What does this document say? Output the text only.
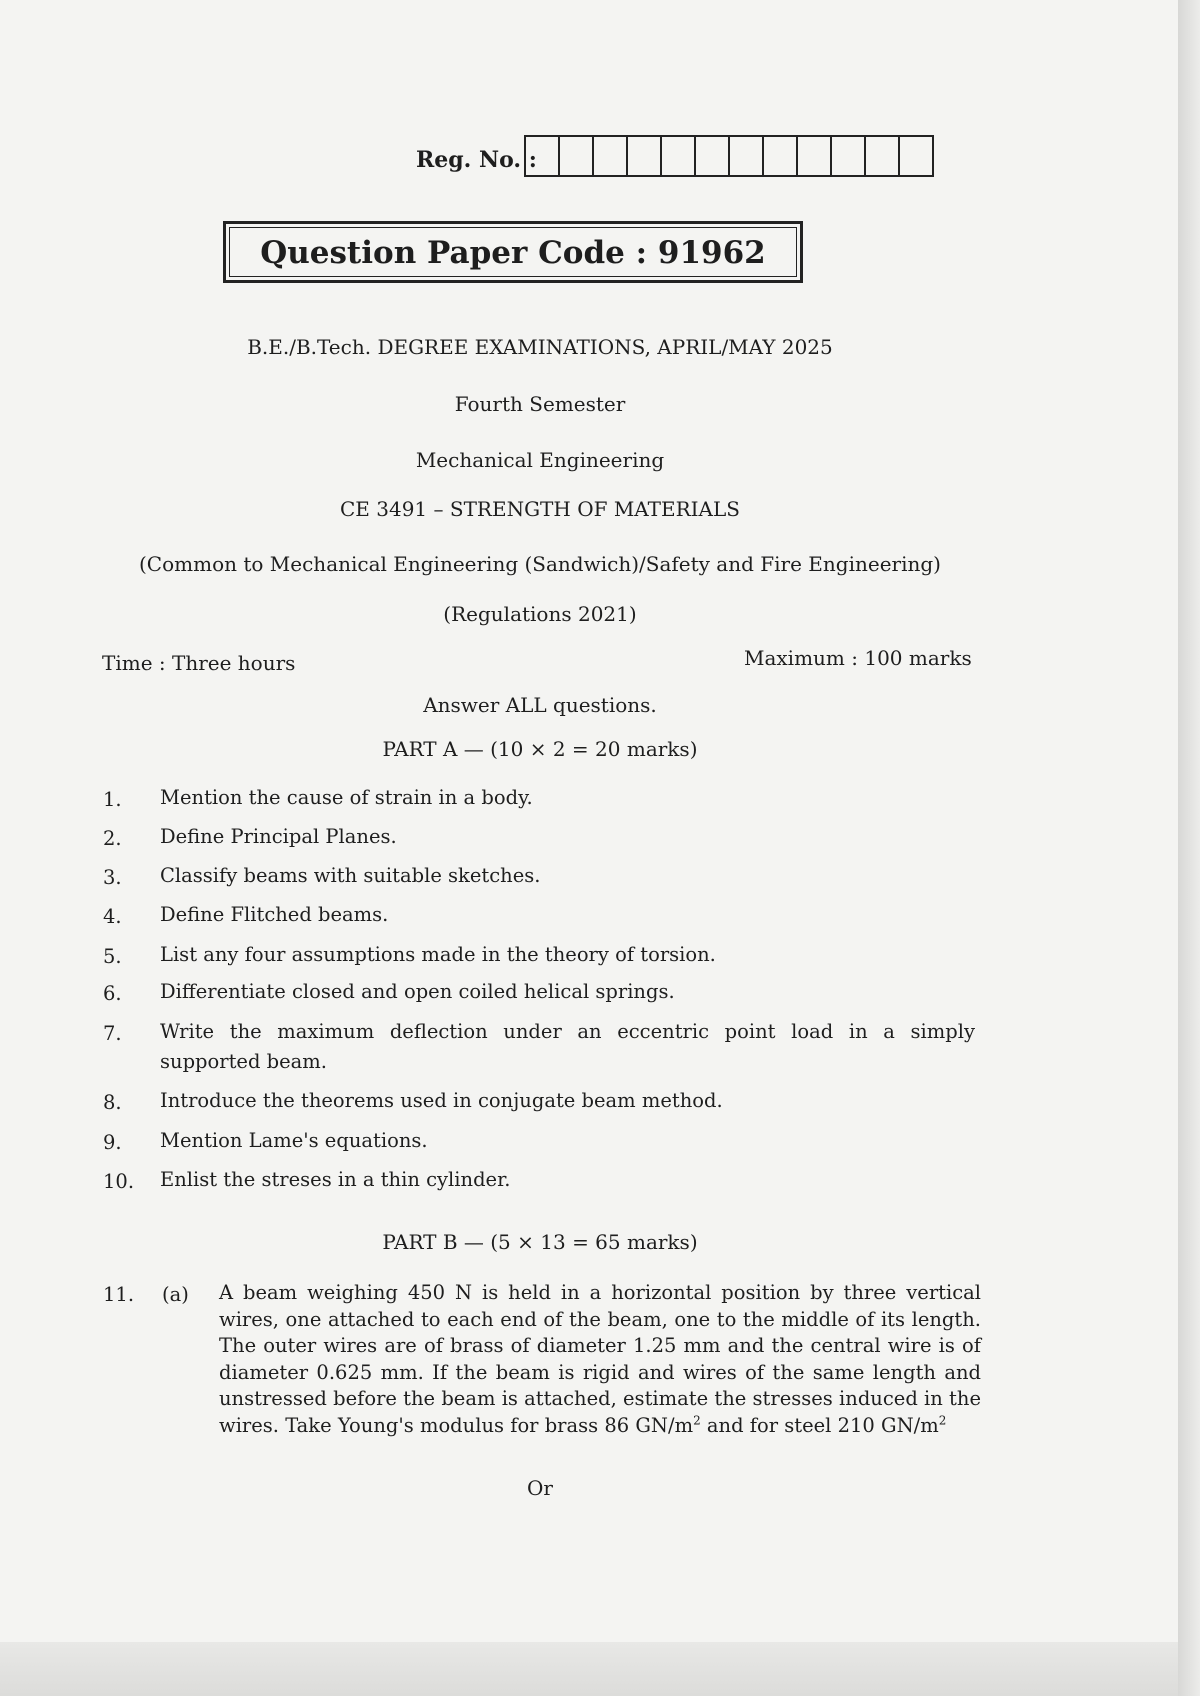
Reg. No. :
Question Paper Code : 91962
B.E./B.Tech. DEGREE EXAMINATIONS, APRIL/MAY 2025
Fourth Semester
Mechanical Engineering
CE 3491 – STRENGTH OF MATERIALS
(Common to Mechanical Engineering (Sandwich)/Safety and Fire Engineering)
(Regulations 2021)
Time : Three hours	Maximum : 100 marks
Answer ALL questions.
PART A — (10 × 2 = 20 marks)
1. Mention the cause of strain in a body.
2. Define Principal Planes.
3. Classify beams with suitable sketches.
4. Define Flitched beams.
5. List any four assumptions made in the theory of torsion.
6. Differentiate closed and open coiled helical springs.
7. Write the maximum deflection under an eccentric point load in a simply supported beam.
8. Introduce the theorems used in conjugate beam method.
9. Mention Lame's equations.
10. Enlist the streses in a thin cylinder.
PART B — (5 × 13 = 65 marks)
11. (a) A beam weighing 450 N is held in a horizontal position by three vertical wires, one attached to each end of the beam, one to the middle of its length. The outer wires are of brass of diameter 1.25 mm and the central wire is of diameter 0.625 mm. If the beam is rigid and wires of the same length and unstressed before the beam is attached, estimate the stresses induced in the wires. Take Young's modulus for brass 86 $GN/m^2$ and for steel 210 $GN/m^2$
Or
